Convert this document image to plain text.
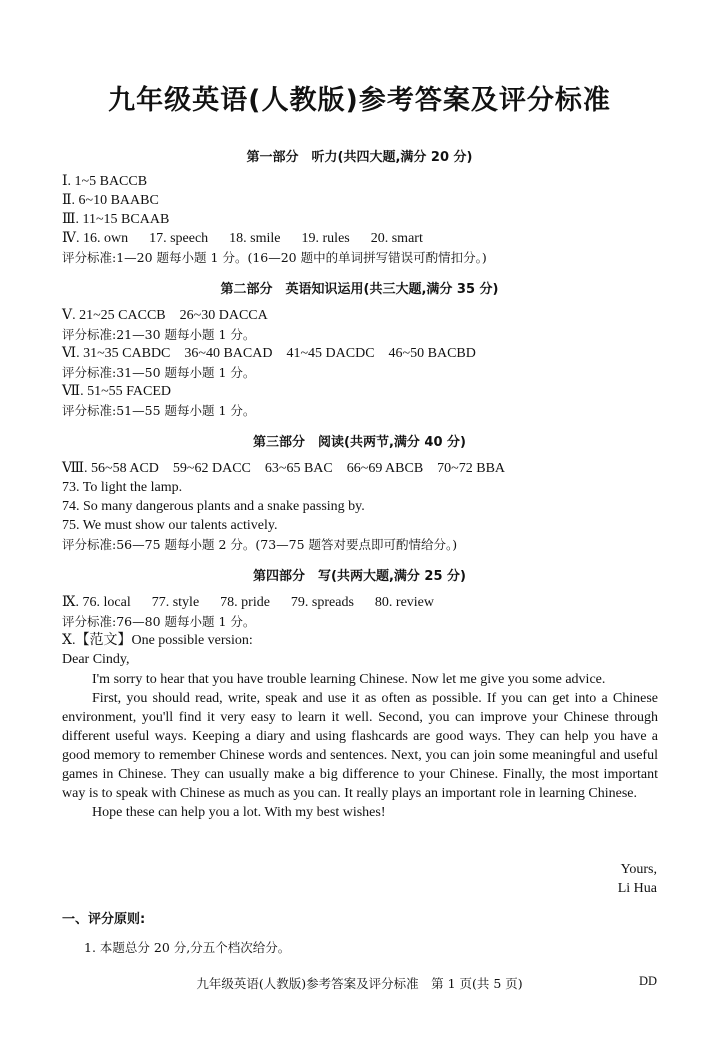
九年级英语(人教版)参考答案及评分标准
第一部分　听力(共四大题,满分 20 分)
Ⅰ. 1~5 BACCB
Ⅱ. 6~10 BAABC
Ⅲ. 11~15 BCAAB
Ⅳ. 16. own      17. speech      18. smile      19. rules      20. smart
评分标准:1—20 题每小题 1 分。(16—20 题中的单词拼写错误可酌情扣分。)
第二部分　英语知识运用(共三大题,满分 35 分)
Ⅴ. 21~25 CACCB    26~30 DACCA
评分标准:21—30 题每小题 1 分。
Ⅵ. 31~35 CABDC    36~40 BACAD    41~45 DACDC    46~50 BACBD
评分标准:31—50 题每小题 1 分。
Ⅶ. 51~55 FACED
评分标准:51—55 题每小题 1 分。
第三部分　阅读(共两节,满分 40 分)
Ⅷ. 56~58 ACD    59~62 DACC    63~65 BAC    66~69 ABCB    70~72 BBA
73. To light the lamp.
74. So many dangerous plants and a snake passing by.
75. We must show our talents actively.
评分标准:56—75 题每小题 2 分。(73—75 题答对要点即可酌情给分。)
第四部分　写(共两大题,满分 25 分)
Ⅸ. 76. local      77. style      78. pride      79. spreads      80. review
评分标准:76—80 题每小题 1 分。
Ⅹ.【范文】One possible version:
Dear Cindy,

I'm sorry to hear that you have trouble learning Chinese. Now let me give you some advice.

First, you should read, write, speak and use it as often as possible. If you can get into a Chinese environment, you'll find it very easy to learn it well. Second, you can improve your Chinese through different useful ways. Keeping a diary and using flashcards are good ways. They can help you have a good memory to remember Chinese words and sentences. Next, you can join some meaningful and useful games in Chinese. They can usually make a big difference to your Chinese. Finally, the most important way is to speak with Chinese as much as you can. It really plays an important role in learning Chinese.

Hope these can help you a lot. With my best wishes!

Yours,
Li Hua
一、评分原则:
1. 本题总分 20 分,分五个档次给分。
九年级英语(人教版)参考答案及评分标准　第 1 页(共 5 页)	DD
